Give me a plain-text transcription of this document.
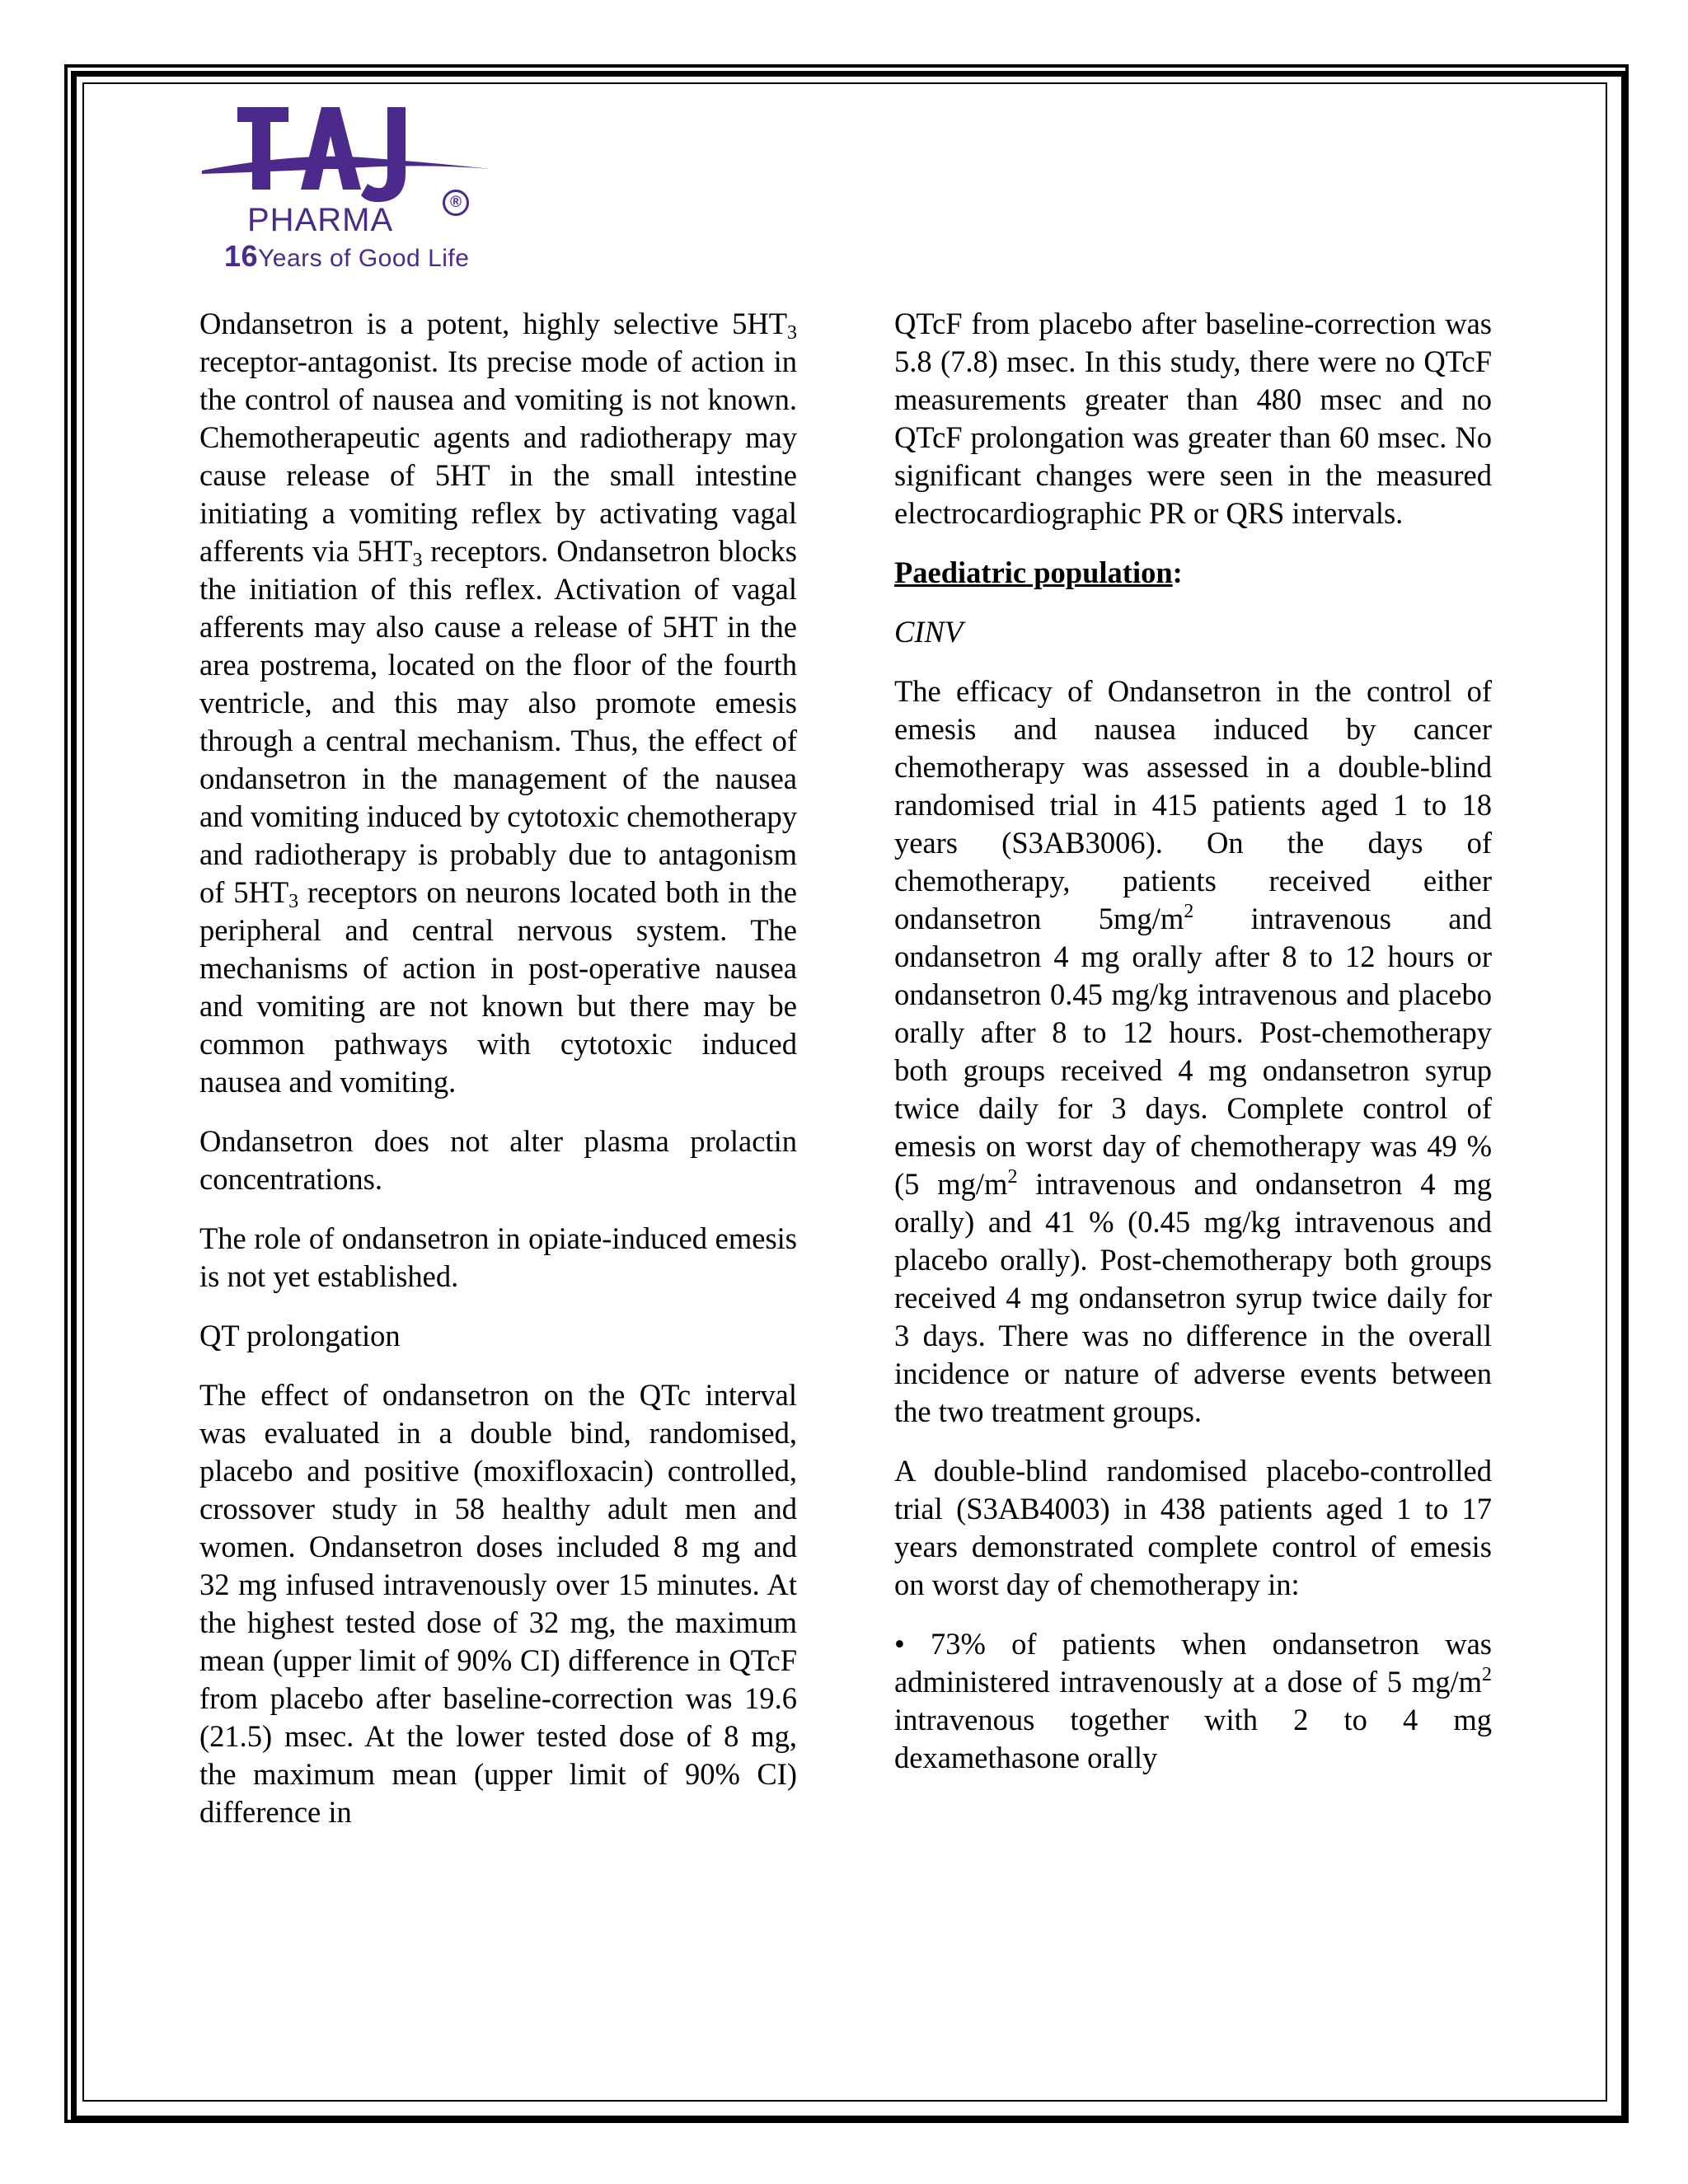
PHARMA	®
16Years of Good Life

Ondansetron is a potent, highly selective $5HT_3$ receptor-antagonist. Its precise mode of action in the control of nausea and vomiting is not known. Chemotherapeutic agents and radiotherapy may cause release of 5HT in the small intestine initiating a vomiting reflex by activating vagal afferents via $5HT_3$ receptors. Ondansetron blocks the initiation of this reflex. Activation of vagal afferents may also cause a release of 5HT in the area postrema, located on the floor of the fourth ventricle, and this may also promote emesis through a central mechanism. Thus, the effect of ondansetron in the management of the nausea and vomiting induced by cytotoxic chemotherapy and radiotherapy is probably due to antagonism of $5HT_3$ receptors on neurons located both in the peripheral and central nervous system. The mechanisms of action in post-operative nausea and vomiting are not known but there may be common pathways with cytotoxic induced nausea and vomiting.

Ondansetron does not alter plasma prolactin concentrations.

The role of ondansetron in opiate-induced emesis is not yet established.

QT prolongation

The effect of ondansetron on the QTc interval was evaluated in a double bind, randomised, placebo and positive (moxifloxacin) controlled, crossover study in 58 healthy adult men and women. Ondansetron doses included 8 mg and 32 mg infused intravenously over 15 minutes. At the highest tested dose of 32 mg, the maximum mean (upper limit of 90% CI) difference in QTcF from placebo after baseline-correction was 19.6 (21.5) msec. At the lower tested dose of 8 mg, the maximum mean (upper limit of 90% CI) difference in

QTcF from placebo after baseline-correction was 5.8 (7.8) msec. In this study, there were no QTcF measurements greater than 480 msec and no QTcF prolongation was greater than 60 msec. No significant changes were seen in the measured electrocardiographic PR or QRS intervals.

Paediatric population:

CINV

The efficacy of Ondansetron in the control of emesis and nausea induced by cancer chemotherapy was assessed in a double-blind randomised trial in 415 patients aged 1 to 18 years (S3AB3006). On the days of chemotherapy, patients received either ondansetron $5mg/m^2$ intravenous and ondansetron 4 mg orally after 8 to 12 hours or ondansetron 0.45 mg/kg intravenous and placebo orally after 8 to 12 hours. Post-chemotherapy both groups received 4 mg ondansetron syrup twice daily for 3 days. Complete control of emesis on worst day of chemotherapy was 49 % (5 $mg/m^2$ intravenous and ondansetron 4 mg orally) and 41 % (0.45 mg/kg intravenous and placebo orally). Post-chemotherapy both groups received 4 mg ondansetron syrup twice daily for 3 days. There was no difference in the overall incidence or nature of adverse events between the two treatment groups.

A double-blind randomised placebo-controlled trial (S3AB4003) in 438 patients aged 1 to 17 years demonstrated complete control of emesis on worst day of chemotherapy in:

• 73% of patients when ondansetron was administered intravenously at a dose of 5 $mg/m^2$ intravenous together with 2 to 4 mg dexamethasone orally
